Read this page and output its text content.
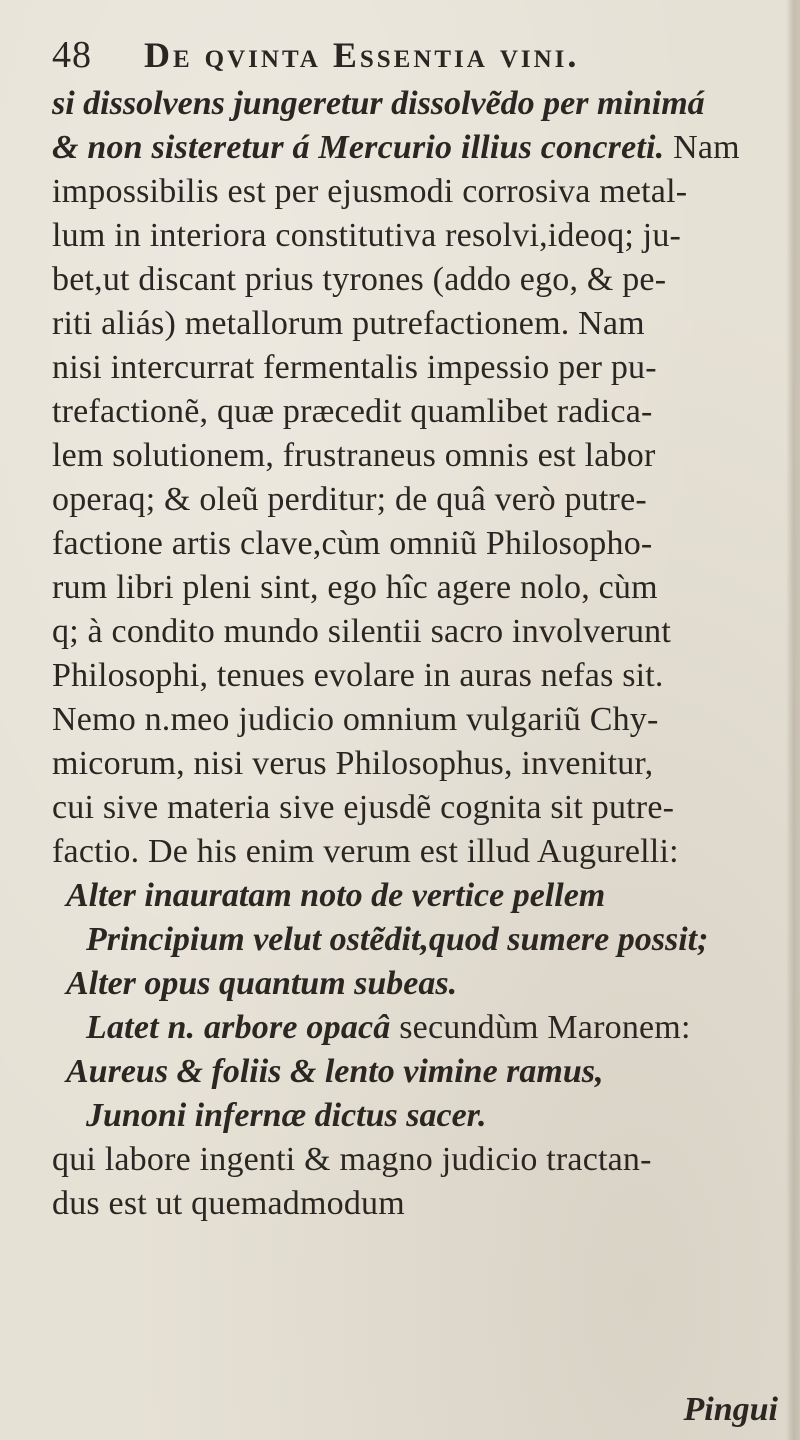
48 De qvinta Essentia vini.
si dissolvens jungeretur dissolvẽdo per minimá
& non sisteretur á Mercurio illius concreti. Nam
impossibilis est per ejusmodi corrosiva metal-
lum in interiora constitutiva resolvi,ideoq; ju-
bet,ut discant prius tyrones (addo ego, & pe-
riti aliás) metallorum putrefactionem. Nam
nisi intercurrat fermentalis impessio per pu-
trefactionẽ, quæ præcedit quamlibet radica-
lem solutionem, frustraneus omnis est labor
operaq; & oleũ perditur; de quâ verò putre-
factione artis clave,cùm omniũ Philosopho-
rum libri pleni sint, ego hîc agere nolo, cùm
q; à condito mundo silentii sacro involverunt
Philosophi, tenues evolare in auras nefas sit.
Nemo n.meo judicio omnium vulgariũ Chy-
micorum, nisi verus Philosophus, invenitur,
cui sive materia sive ejusdẽ cognita sit putre-
factio. De his enim verum est illud Augurelli:
Alter inauratam noto de vertice pellem
Principium velut ostẽdit,quod sumere possit;
Alter opus quantum subeas.
Latet n. arbore opacâ secundùm Maronem:
Aureus & foliis & lento vimine ramus,
Junoni infernæ dictus sacer.
qui labore ingenti & magno judicio tractan-
dus est ut quemadmodum
Pingui
